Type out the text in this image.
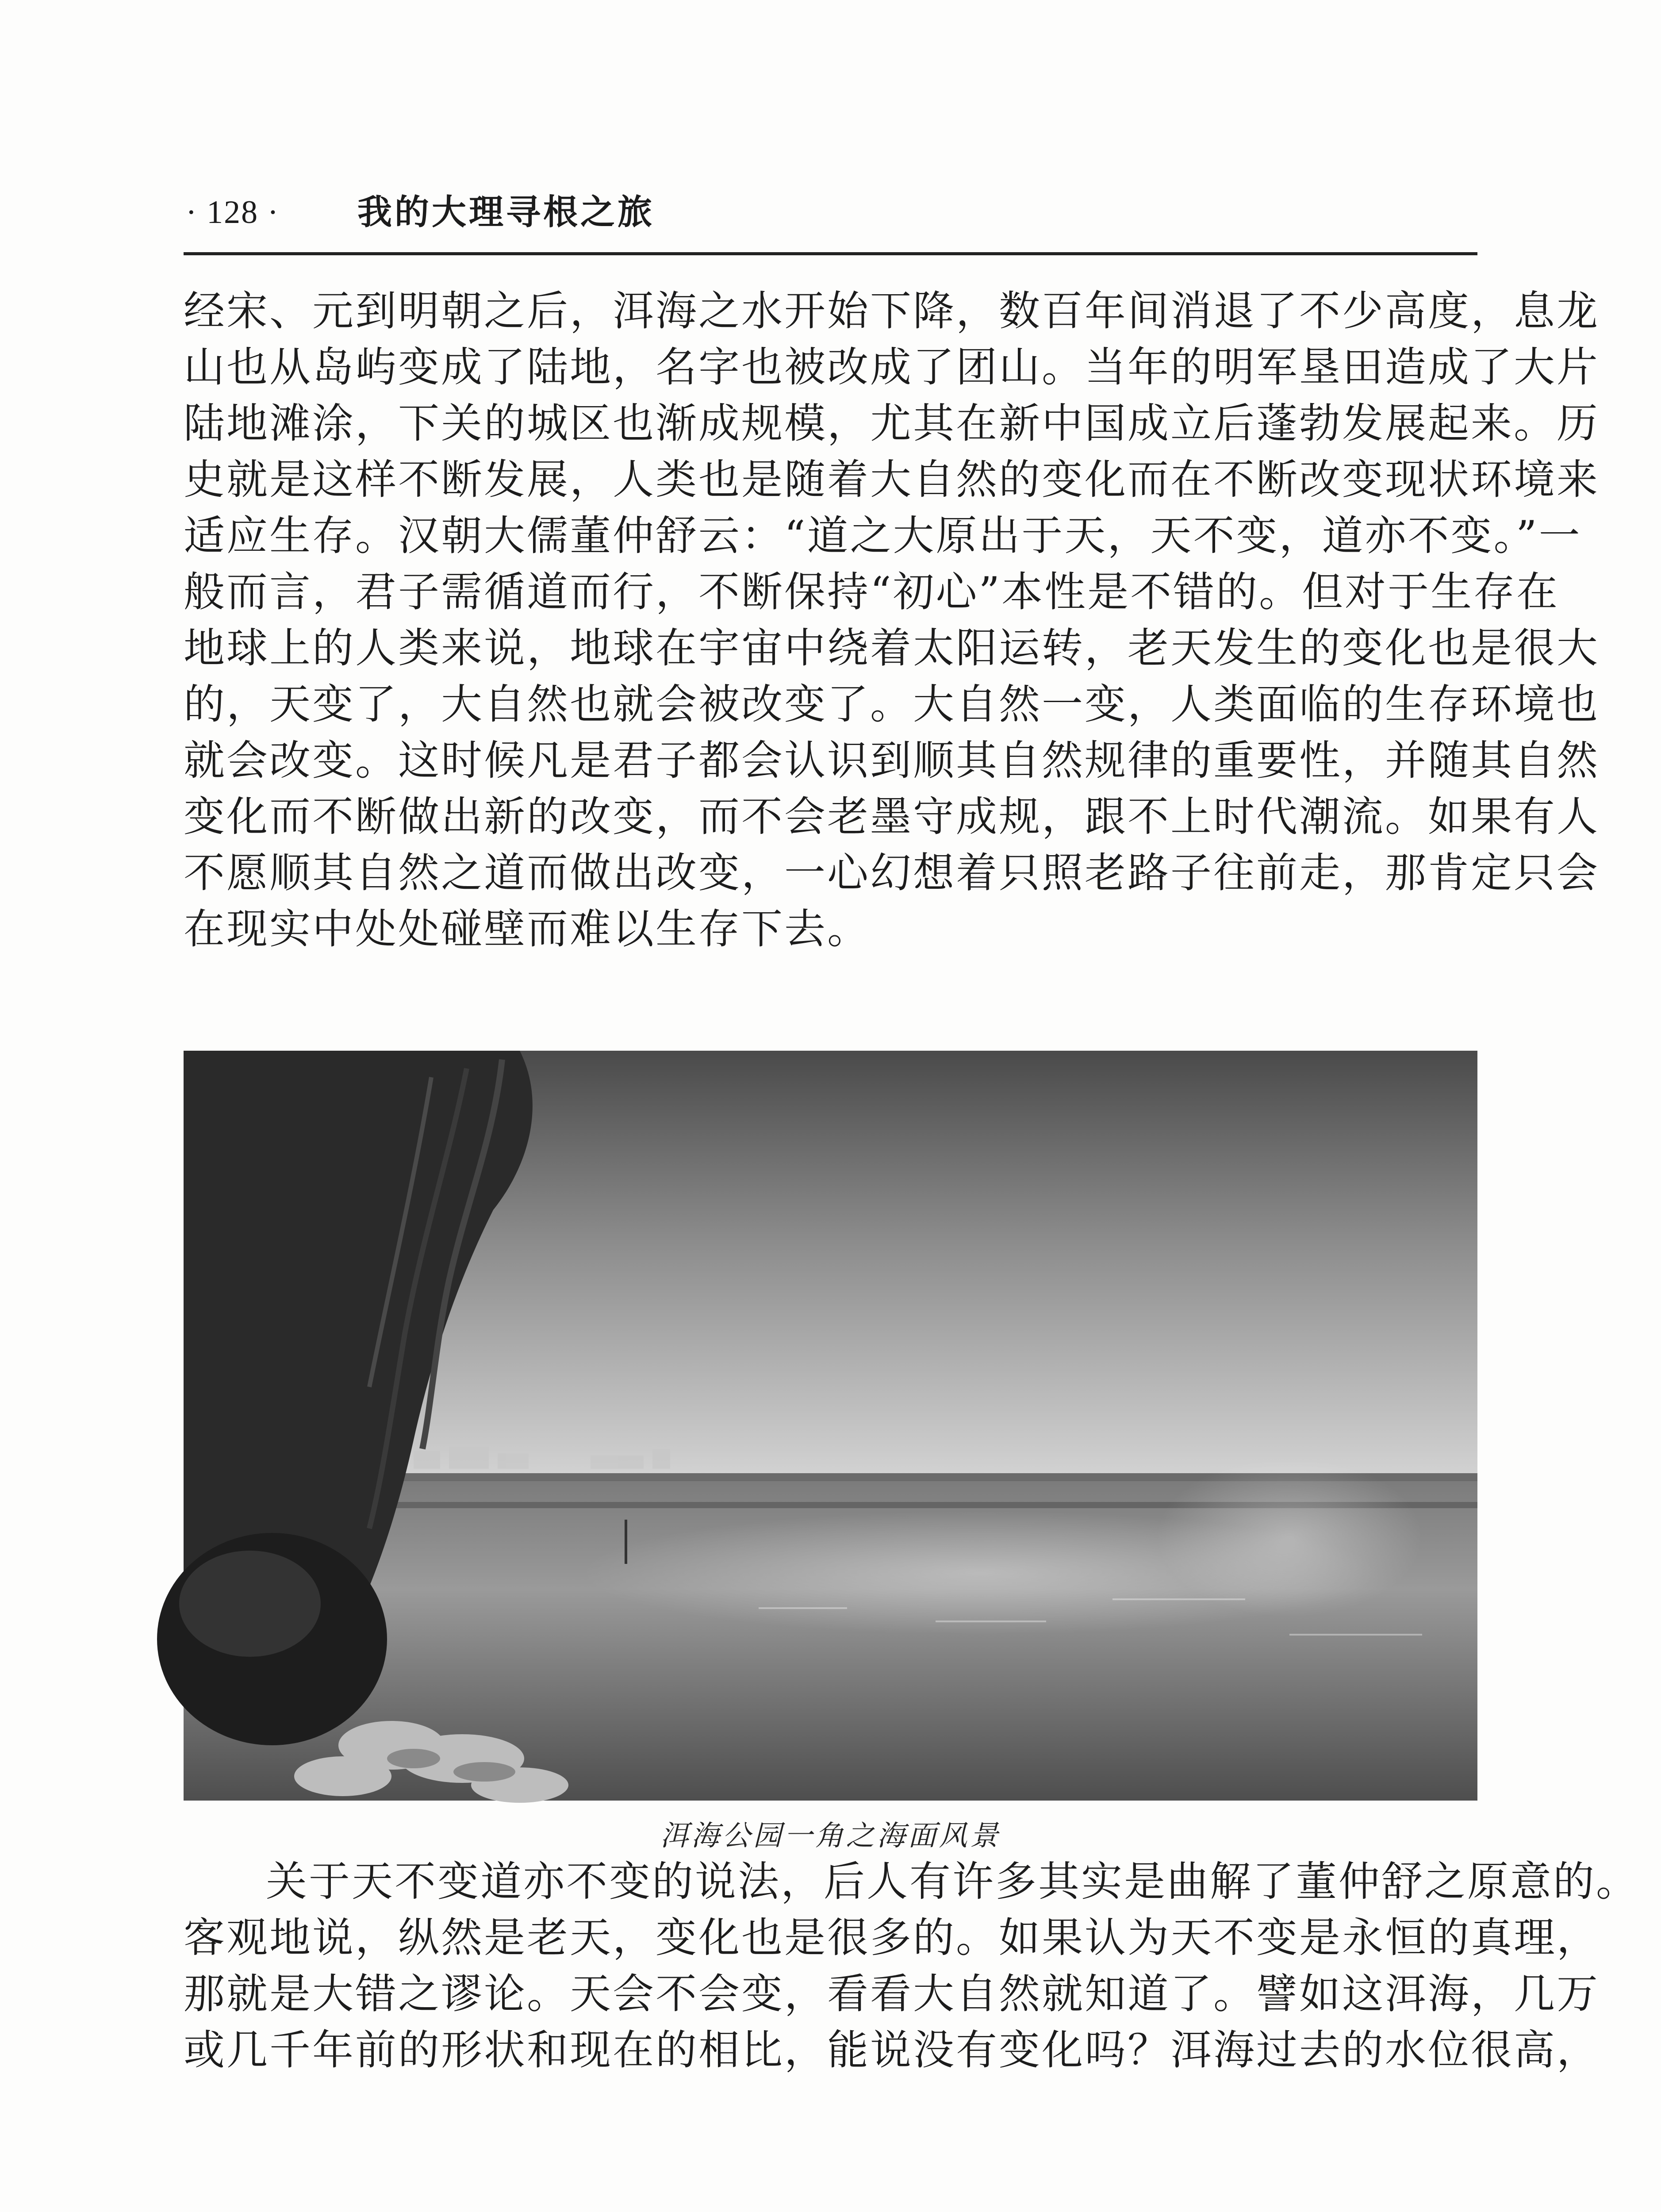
· 128 · 我的大理寻根之旅
经宋、元到明朝之后，洱海之水开始下降，数百年间消退了不少高度，息龙
山也从岛屿变成了陆地，名字也被改成了团山。当年的明军垦田造成了大片
陆地滩涂，下关的城区也渐成规模，尤其在新中国成立后蓬勃发展起来。历
史就是这样不断发展，人类也是随着大自然的变化而在不断改变现状环境来
适应生存。汉朝大儒董仲舒云：“道之大原出于天，天不变，道亦不变。”一
般而言，君子需循道而行，不断保持“初心”本性是不错的。但对于生存在
地球上的人类来说，地球在宇宙中绕着太阳运转，老天发生的变化也是很大
的，天变了，大自然也就会被改变了。大自然一变，人类面临的生存环境也
就会改变。这时候凡是君子都会认识到顺其自然规律的重要性，并随其自然
变化而不断做出新的改变，而不会老墨守成规，跟不上时代潮流。如果有人
不愿顺其自然之道而做出改变，一心幻想着只照老路子往前走，那肯定只会
在现实中处处碰壁而难以生存下去。
洱海公园一角之海面风景
关于天不变道亦不变的说法，后人有许多其实是曲解了董仲舒之原意的。
客观地说，纵然是老天，变化也是很多的。如果认为天不变是永恒的真理，
那就是大错之谬论。天会不会变，看看大自然就知道了。譬如这洱海，几万
或几千年前的形状和现在的相比，能说没有变化吗？洱海过去的水位很高，
